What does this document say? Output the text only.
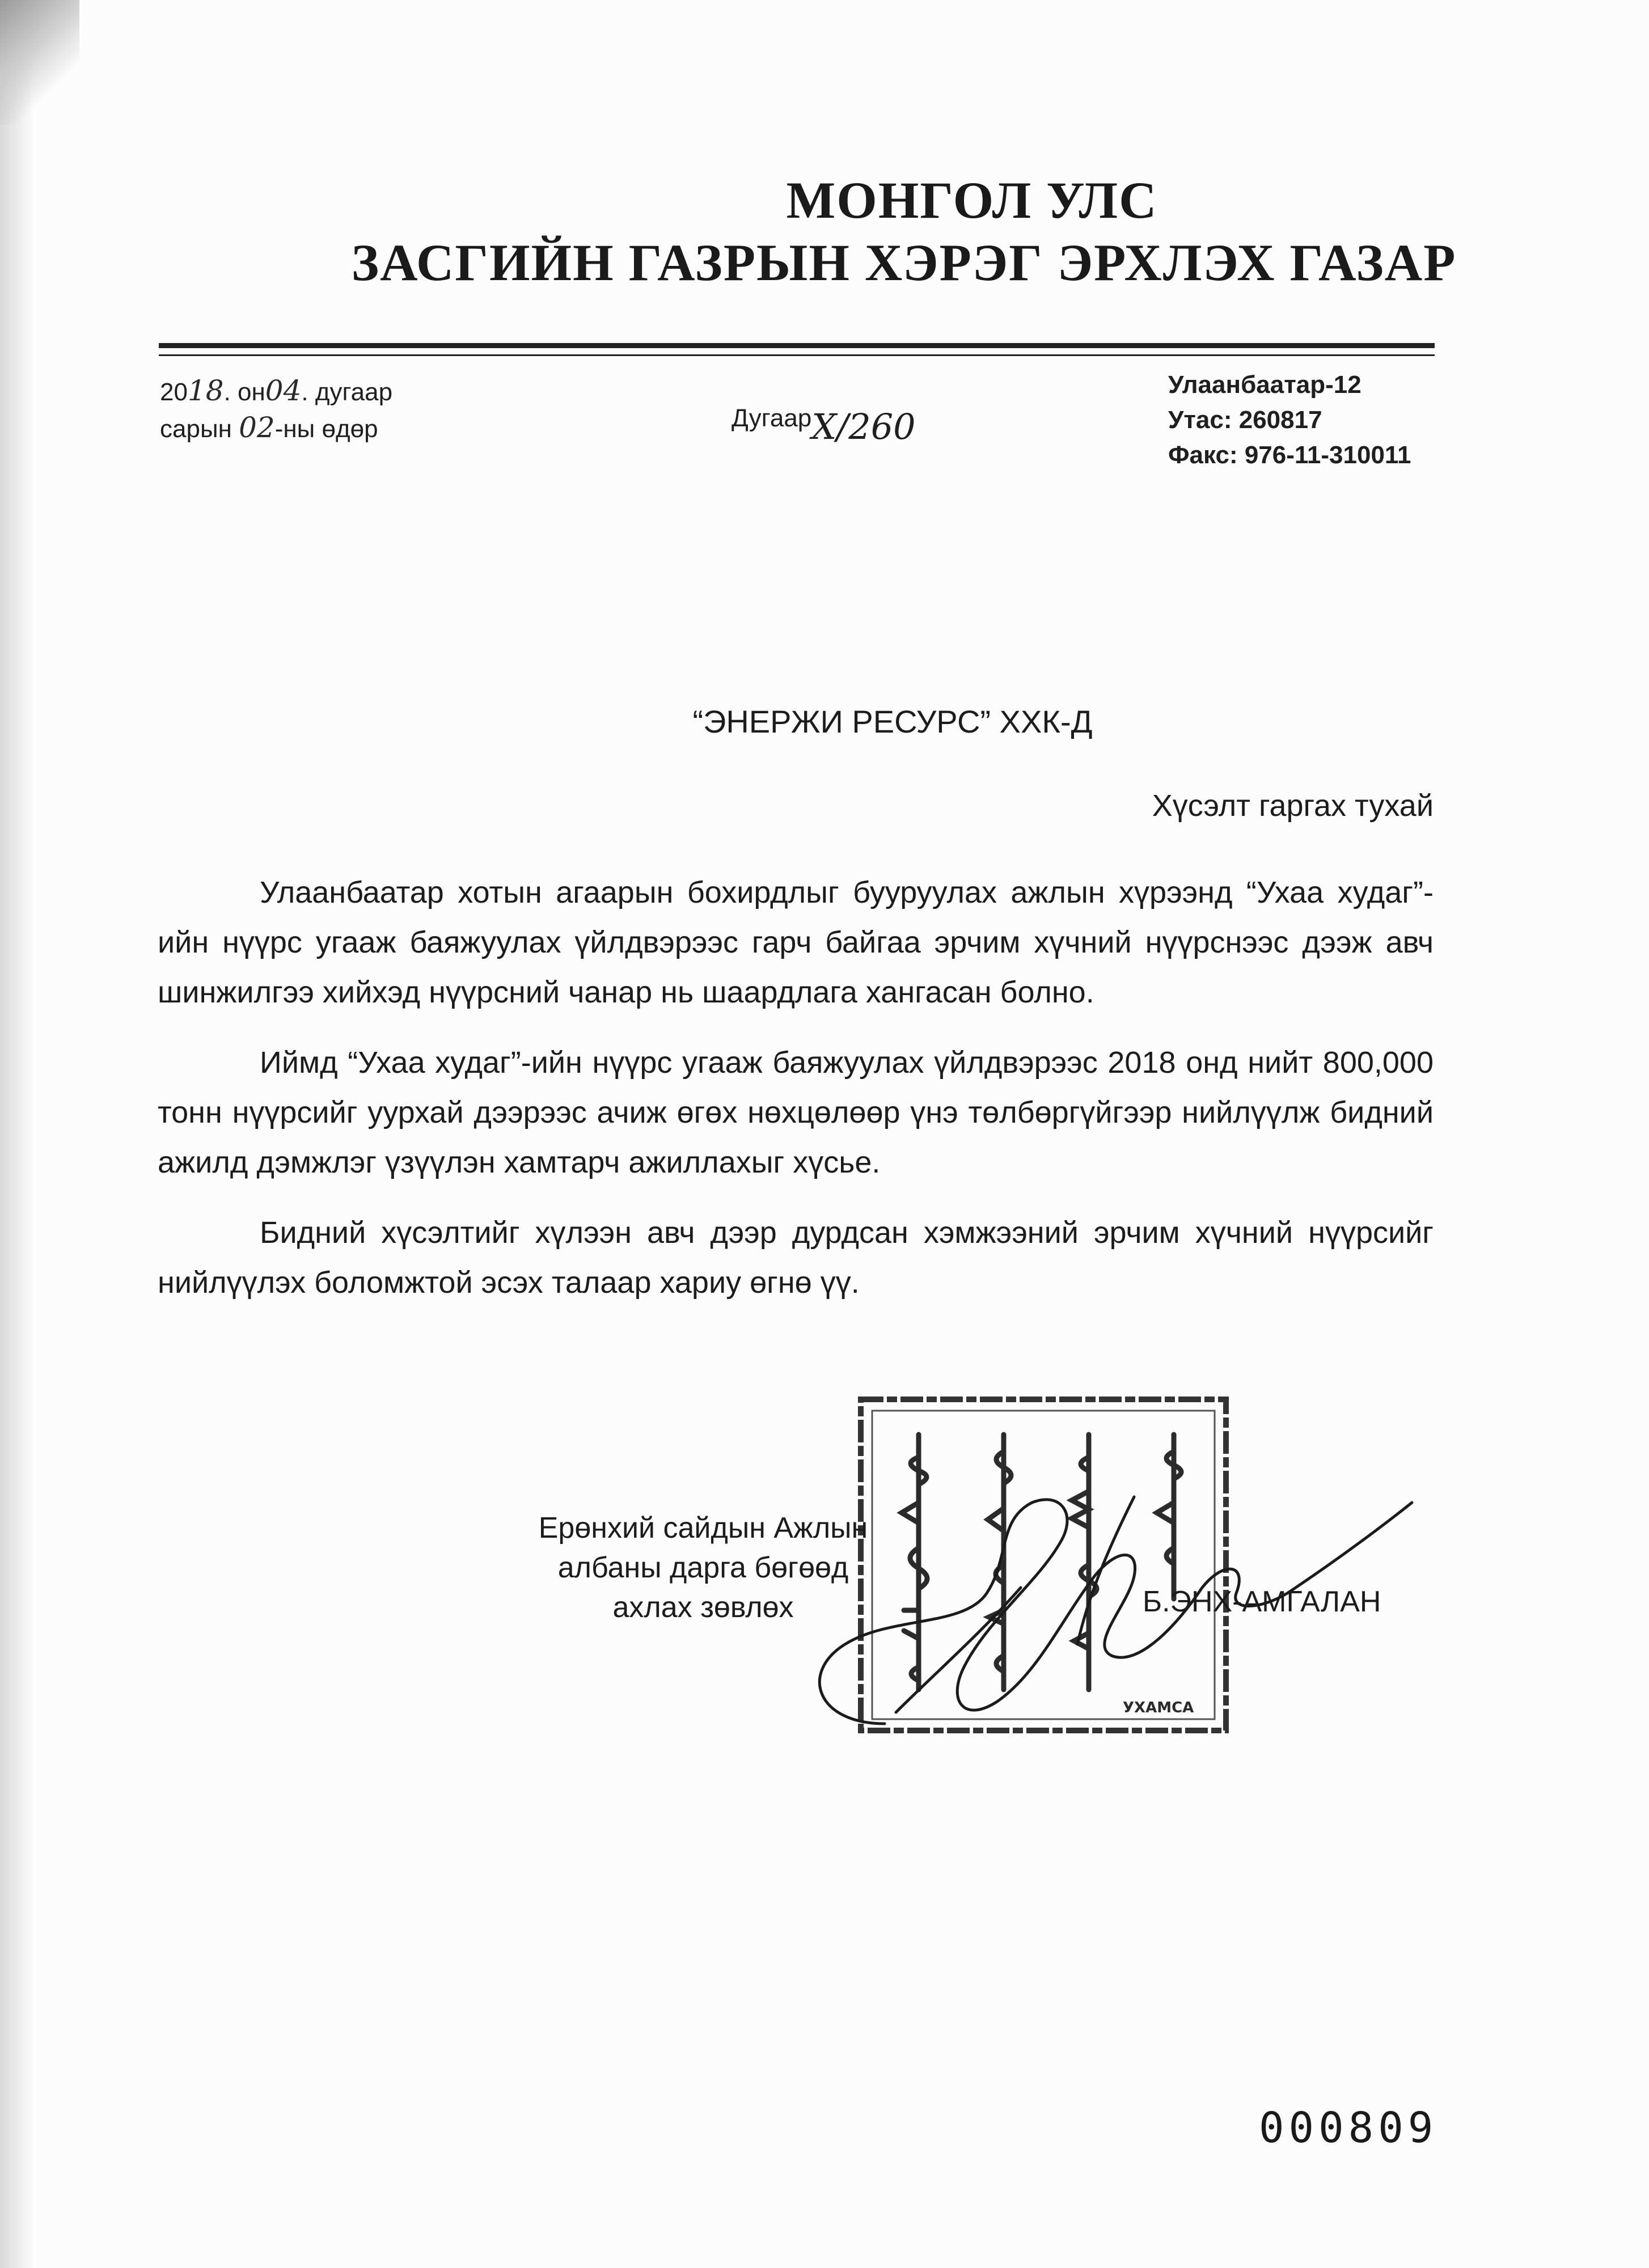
МОНГОЛ УЛС
ЗАСГИЙН ГАЗРЫН ХЭРЭГ ЭРХЛЭХ ГАЗАР
2018. он04. дугаар
сарын 02-ны өдөр	ДугаарХ/260
Улаанбаатар-12
Утас: 260817
Факс: 976-11-310011
“ЭНЕРЖИ РЕСУРС” ХХК-Д
Хүсэлт гаргах тухай
Улаанбаатар хотын агаарын бохирдлыг бууруулах ажлын хүрээнд “Ухаа худаг”-ийн нүүрс угааж баяжуулах үйлдвэрээс гарч байгаа эрчим хүчний нүүрснээс дээж авч шинжилгээ хийхэд нүүрсний чанар нь шаардлага хангасан болно.
Иймд “Ухаа худаг”-ийн нүүрс угааж баяжуулах үйлдвэрээс 2018 онд нийт 800,000 тонн нүүрсийг уурхай дээрээс ачиж өгөх нөхцөлөөр үнэ төлбөргүйгээр нийлүүлж бидний ажилд дэмжлэг үзүүлэн хамтарч ажиллахыг хүсье.
Бидний хүсэлтийг хүлээн авч дээр дурдсан хэмжээний эрчим хүчний нүүрсийг нийлүүлэх боломжтой эсэх талаар хариу өгнө үү.
УХАМСА
Ерөнхий сайдын Ажлын
албаны дарга бөгөөд
ахлах зөвлөх	Б.ЭНХ-АМГАЛАН
000809
